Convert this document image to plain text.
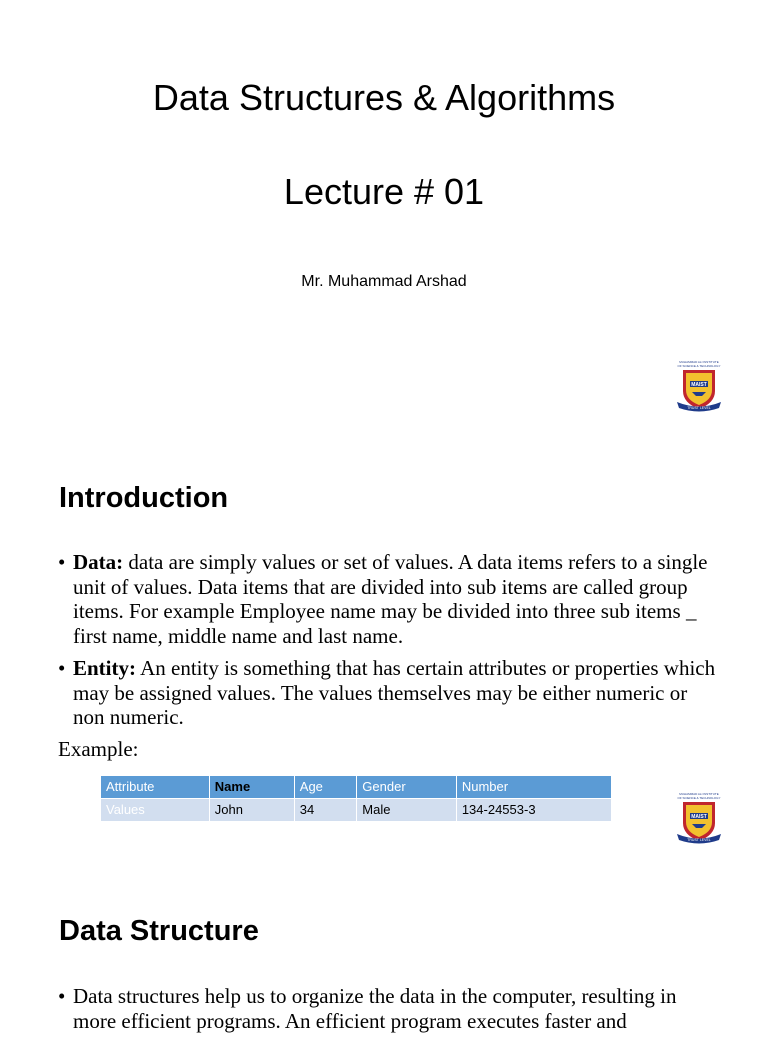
Data Structures & Algorithms
Lecture # 01
Mr. Muhammad Arshad
MUHAMMAD ALI INSTITUTE
OF SCIENCE & TECHNOLOGY
MAIST
TRUST LEVEL
Introduction
• Data: data are simply values or set of values. A data items refers to a single unit of values. Data items that are divided into sub items are called group items. For example Employee name may be divided into three sub items _ first name, middle name and last name.
• Entity: An entity is something that has certain attributes or properties which may be assigned values. The values themselves may be either numeric or non numeric.
Example:
Attribute	Name	Age	Gender	Number
Values	John	34	Male	134-24553-3
MUHAMMAD ALI INSTITUTE
OF SCIENCE & TECHNOLOGY
MAIST
TRUST LEVEL
Data Structure
• Data structures help us to organize the data in the computer, resulting in more efficient programs. An efficient program executes faster and
